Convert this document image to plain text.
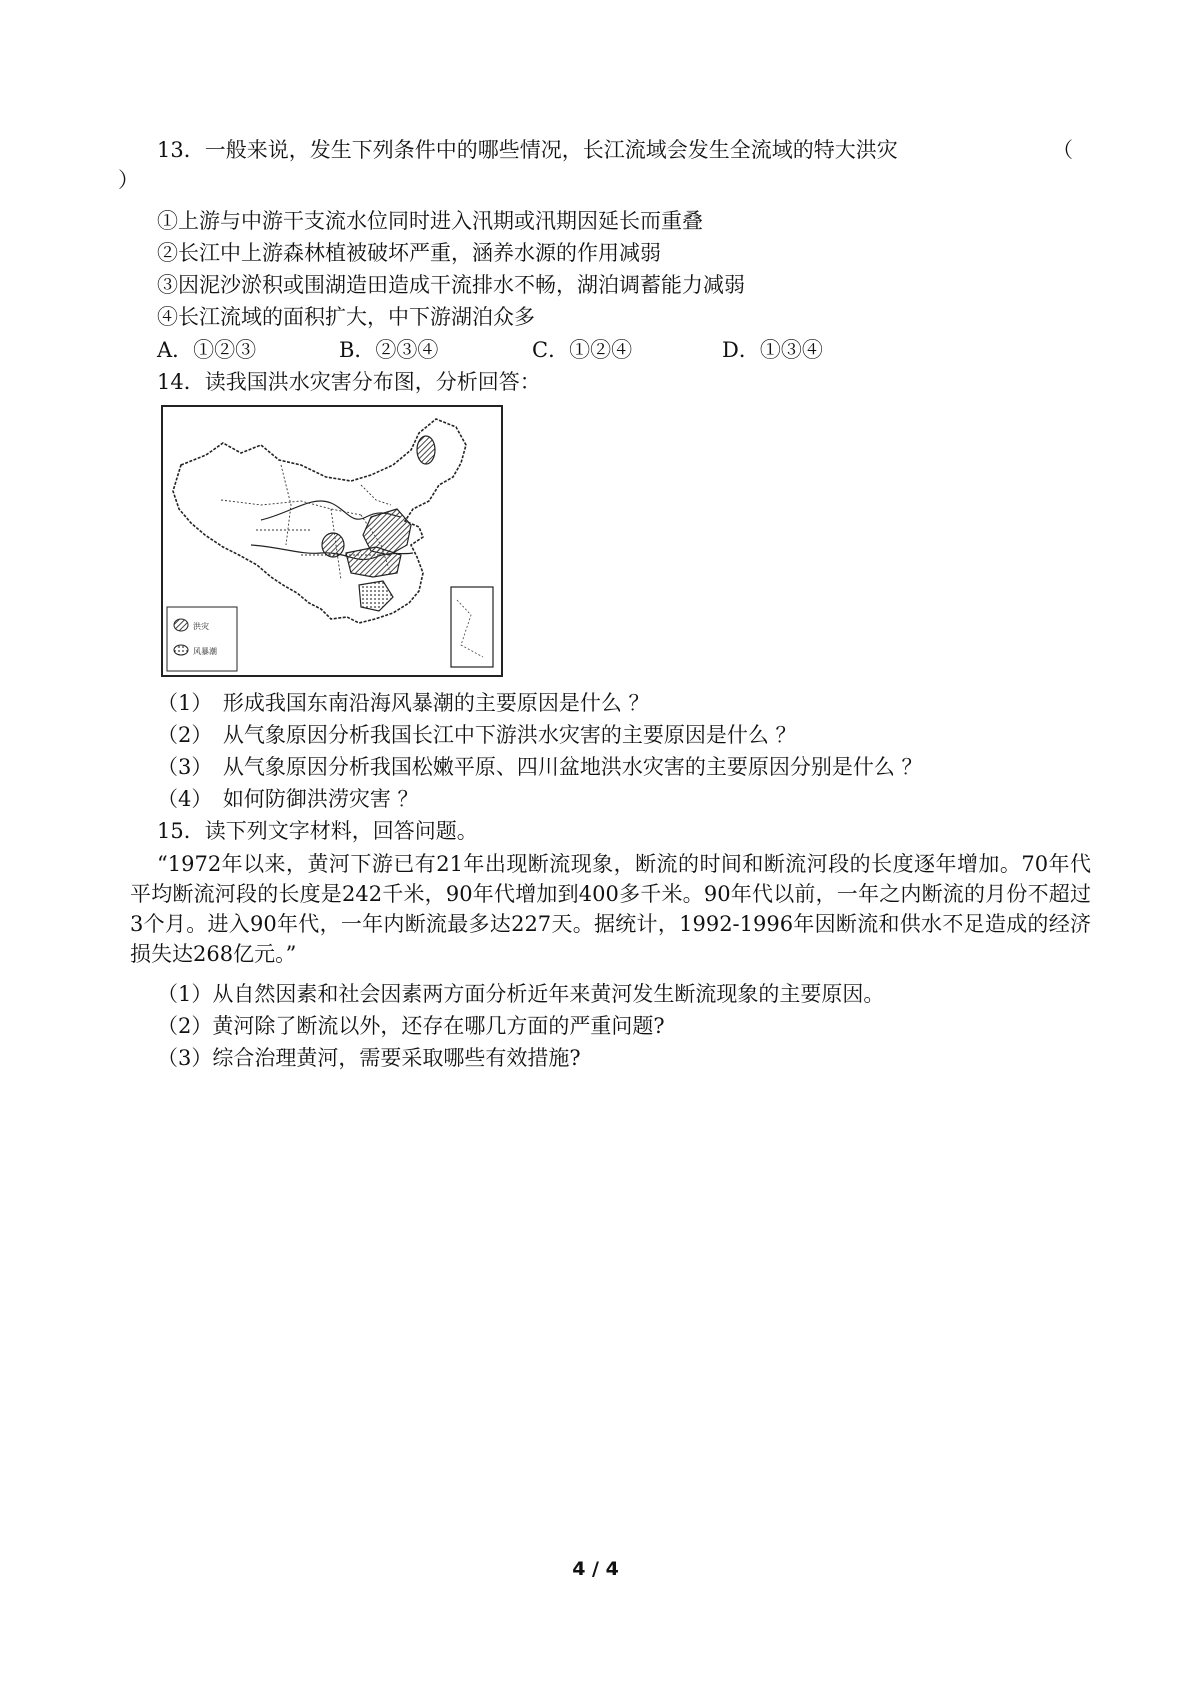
13．一般来说，发生下列条件中的哪些情况，长江流域会发生全流域的特大洪灾	（
）
①上游与中游干支流水位同时进入汛期或汛期因延长而重叠
②长江中上游森林植被破坏严重，涵养水源的作用减弱
③因泥沙淤积或围湖造田造成干流排水不畅，湖泊调蓄能力减弱
④长江流域的面积扩大，中下游湖泊众多
A．①②③	B．②③④	C．①②④	D．①③④
14．读我国洪水灾害分布图，分析回答：
洪灾
风暴潮
（1）　形成我国东南沿海风暴潮的主要原因是什么 ？
（2）　从气象原因分析我国长江中下游洪水灾害的主要原因是什么 ？
（3）　从气象原因分析我国松嫩平原、四川盆地洪水灾害的主要原因分别是什么 ？
（4）　如何防御洪涝灾害 ？
15．读下列文字材料，回答问题。
“1972年以来，黄河下游已有21年出现断流现象，断流的时间和断流河段的长度逐年增加。70年代平均断流河段的长度是242千米，90年代增加到400多千米。90年代以前，一年之内断流的月份不超过3个月。进入90年代，一年内断流最多达227天。据统计，1992-1996年因断流和供水不足造成的经济损失达268亿元。”
（1）从自然因素和社会因素两方面分析近年来黄河发生断流现象的主要原因。
（2）黄河除了断流以外，还存在哪几方面的严重问题?
（3）综合治理黄河，需要采取哪些有效措施?
4 / 4
